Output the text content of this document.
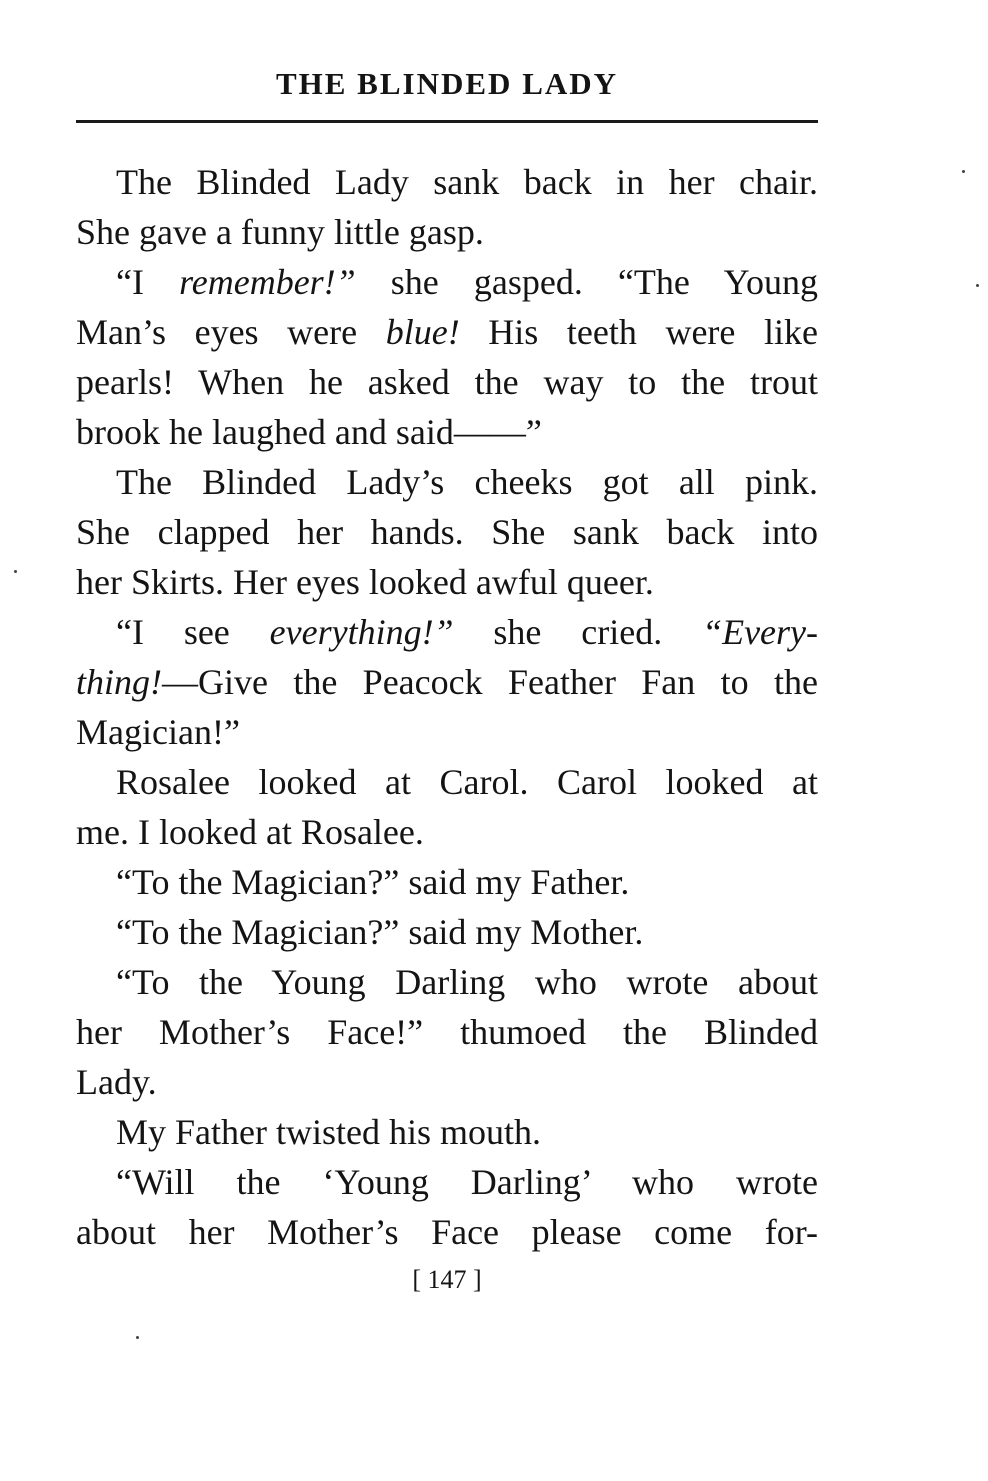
THE BLINDED LADY
The Blinded Lady sank back in her chair.
She gave a funny little gasp.
“I remember!” she gasped. “The Young
Man’s eyes were blue! His teeth were like
pearls! When he asked the way to the trout
brook he laughed and said——”
The Blinded Lady’s cheeks got all pink.
She clapped her hands. She sank back into
her Skirts. Her eyes looked awful queer.
“I see everything!” she cried. “Every-
thing!—Give the Peacock Feather Fan to the
Magician!”
Rosalee looked at Carol. Carol looked at
me. I looked at Rosalee.
“To the Magician?” said my Father.
“To the Magician?” said my Mother.
“To the Young Darling who wrote about
her Mother’s Face!” thumoed the Blinded
Lady.
My Father twisted his mouth.
“Will the ‘Young Darling’ who wrote
about her Mother’s Face please come for-
[ 147 ]
